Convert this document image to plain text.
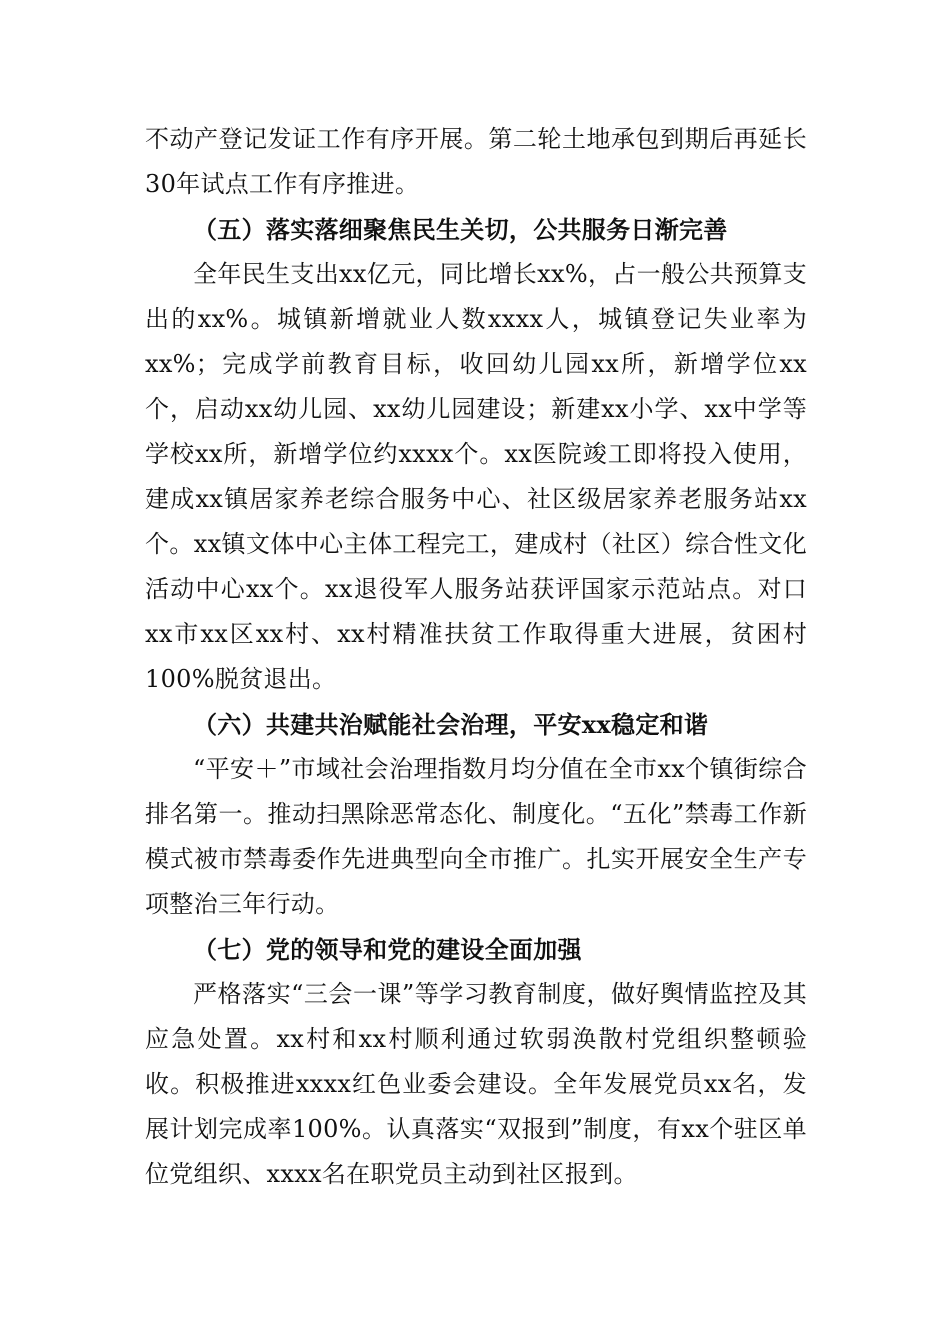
不动产登记发证工作有序开展。第二轮土地承包到期后再延长30年试点工作有序推进。

（五）落实落细聚焦民生关切，公共服务日渐完善

全年民生支出xx亿元，同比增长xx%，占一般公共预算支出的xx%。城镇新增就业人数xxxx人，城镇登记失业率为xx%；完成学前教育目标，收回幼儿园xx所，新增学位xx个，启动xx幼儿园、xx幼儿园建设；新建xx小学、xx中学等学校xx所，新增学位约xxxx个。xx医院竣工即将投入使用，建成xx镇居家养老综合服务中心、社区级居家养老服务站xx个。xx镇文体中心主体工程完工，建成村（社区）综合性文化活动中心xx个。xx退役军人服务站获评国家示范站点。对口xx市xx区xx村、xx村精准扶贫工作取得重大进展，贫困村100%脱贫退出。

（六）共建共治赋能社会治理，平安xx稳定和谐

“平安＋”市域社会治理指数月均分值在全市xx个镇街综合排名第一。推动扫黑除恶常态化、制度化。“五化”禁毒工作新模式被市禁毒委作先进典型向全市推广。扎实开展安全生产专项整治三年行动。

（七）党的领导和党的建设全面加强

严格落实“三会一课”等学习教育制度，做好舆情监控及其应急处置。xx村和xx村顺利通过软弱涣散村党组织整顿验收。积极推进xxxx红色业委会建设。全年发展党员xx名，发展计划完成率100%。认真落实“双报到”制度，有xx个驻区单位党组织、xxxx名在职党员主动到社区报到。
